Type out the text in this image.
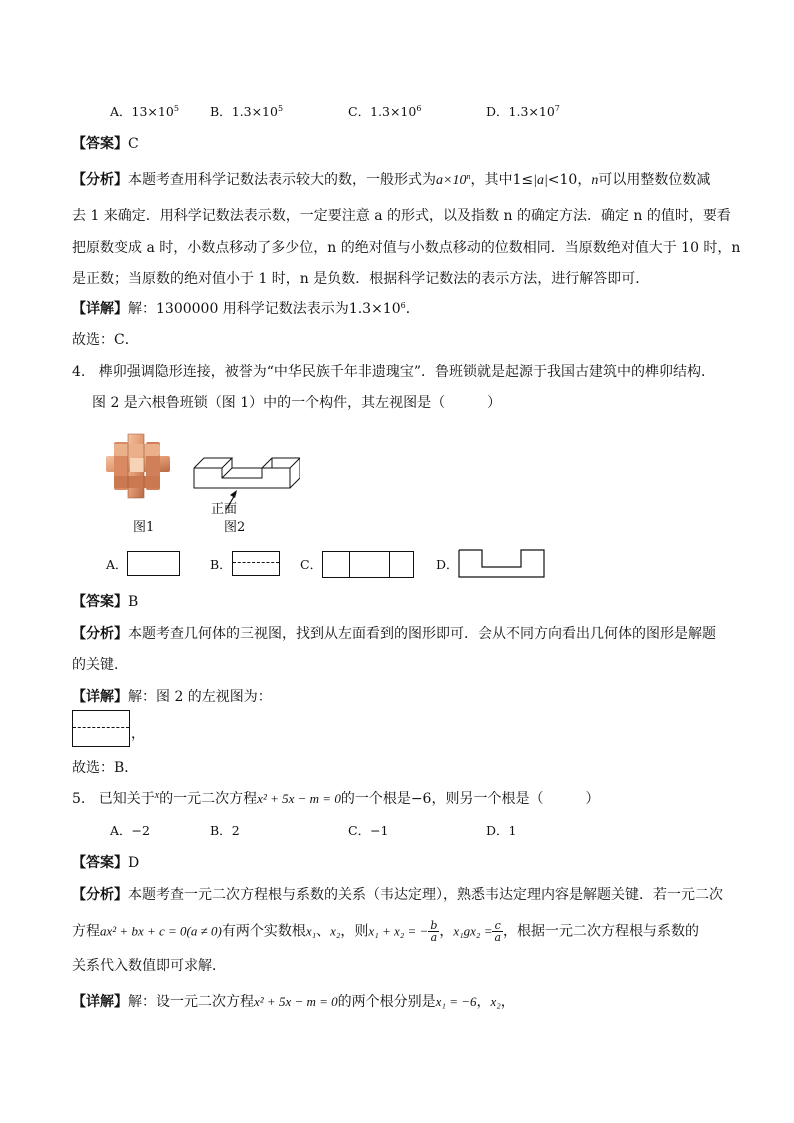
A．$13\times 10^5$ B．$1.3\times 10^5$	C．$1.3\times 10^6$	D．$1.3\times 10^7$
【答案】C
【分析】本题考查用科学记数法表示较大的数，一般形式为$a\times 10^n$，其中1≤|a|<10，n可以用整数位数减
去 1 来确定．用科学记数法表示数，一定要注意 a 的形式，以及指数 n 的确定方法．确定 n 的值时，要看
把原数变成 a 时，小数点移动了多少位，n 的绝对值与小数点移动的位数相同．当原数绝对值大于 10 时，n
是正数；当原数的绝对值小于 1 时，n 是负数．根据科学记数法的表示方法，进行解答即可．
【详解】解：1300000 用科学记数法表示为$1.3\times 10^6$．
故选：C．
4. 榫卯强调隐形连接，被誉为“中华民族千年非遗瑰宝”．鲁班锁就是起源于我国古建筑中的榫卯结构．
图 2 是六根鲁班锁（图 1）中的一个构件，其左视图是（　　　）
正面
图1	图2
A．	B．	C．	D．
【答案】B
【分析】本题考查几何体的三视图，找到从左面看到的图形即可．会从不同方向看出几何体的图形是解题
的关键．
【详解】解：图 2 的左视图为：
，
故选：B．
5. 已知关于$^x$的一元二次方程x² + 5x − m = 0的一个根是−6，则另一个根是（　　　）
A．−2	B．2	C．−1	D．1
【答案】D
【分析】本题考查一元二次方程根与系数的关系（韦达定理），熟悉韦达定理内容是解题关键．若一元二次
方程ax² + bx + c = 0(a ≠ 0)有两个实数根x₁、x₂，则x₁ + x₂ = − $\frac{b}{a}$ ，$x_1gx_2 = \frac{c}{a}$ ，根据一元二次方程根与系数的
关系代入数值即可求解．
【详解】解：设一元二次方程x² + 5x − m = 0的两个根分别是x₁ = −6，x₂，
